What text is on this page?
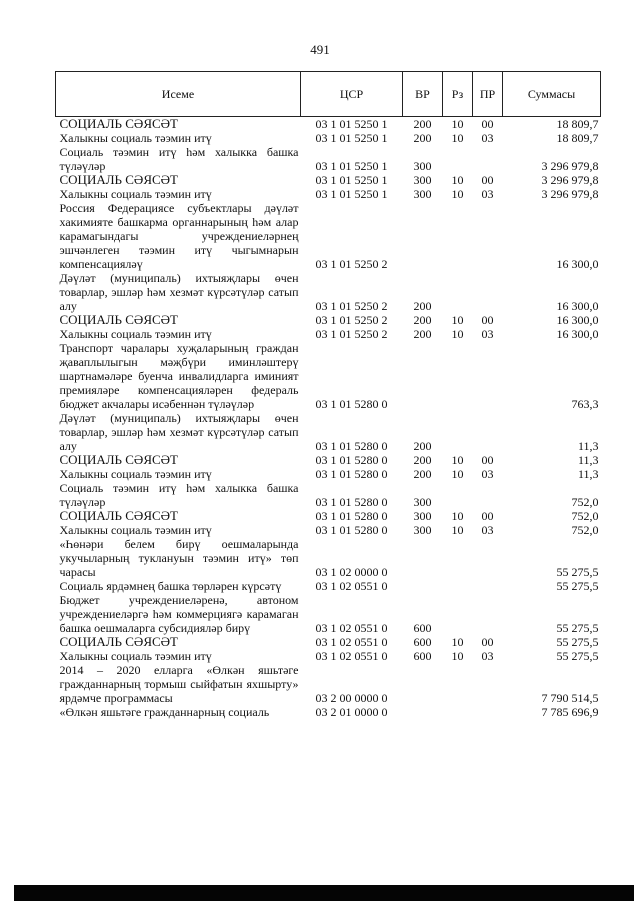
491
Исеме	ЦСР	ВР	Рз	ПР	Суммасы
СОЦИАЛЬ СӘЯСӘТ	03 1 01 5250 1	200	10	00	18 809,7
Халыкны социаль тәэмин итү	03 1 01 5250 1	200	10	03	18 809,7
Социаль тәэмин итү һәм халыкка башка түләүләр	03 1 01 5250 1	300			3 296 979,8
СОЦИАЛЬ СӘЯСӘТ	03 1 01 5250 1	300	10	00	3 296 979,8
Халыкны социаль тәэмин итү	03 1 01 5250 1	300	10	03	3 296 979,8
Россия Федерациясе субъектлары дәүләт хакимияте башкарма органнарының һәм алар карамагындагы учреждениеләрнең эшчәнлеген тәэмин итү чыгымнарын компенсацияләү	03 1 01 5250 2				16 300,0
Дәүләт (муниципаль) ихтыяҗлары өчен товарлар, эшләр һәм хезмәт күрсәтүләр сатып алу	03 1 01 5250 2	200			16 300,0
СОЦИАЛЬ СӘЯСӘТ	03 1 01 5250 2	200	10	00	16 300,0
Халыкны социаль тәэмин итү	03 1 01 5250 2	200	10	03	16 300,0
Транспорт чаралары хуҗаларының граждан җаваплылыгын мәҗбүри иминләштерү шартнамәләре буенча инвалидларга иминият премияләре компенсацияләрен федераль бюджет акчалары исәбеннән түләүләр	03 1 01 5280 0				763,3
Дәүләт (муниципаль) ихтыяҗлары өчен товарлар, эшләр һәм хезмәт күрсәтүләр сатып алу	03 1 01 5280 0	200			11,3
СОЦИАЛЬ СӘЯСӘТ	03 1 01 5280 0	200	10	00	11,3
Халыкны социаль тәэмин итү	03 1 01 5280 0	200	10	03	11,3
Социаль тәэмин итү һәм халыкка башка түләүләр	03 1 01 5280 0	300			752,0
СОЦИАЛЬ СӘЯСӘТ	03 1 01 5280 0	300	10	00	752,0
Халыкны социаль тәэмин итү	03 1 01 5280 0	300	10	03	752,0
«Һөнәри белем бирү оешмаларында укучыларның туклануын тәэмин итү» төп чарасы	03 1 02 0000 0				55 275,5
Социаль ярдәмнең башка төрләрен күрсәтү	03 1 02 0551 0				55 275,5
Бюджет учреждениеләренә, автоном учреждениеләргә һәм коммерциягә карамаган башка оешмаларга субсидияләр бирү	03 1 02 0551 0	600			55 275,5
СОЦИАЛЬ СӘЯСӘТ	03 1 02 0551 0	600	10	00	55 275,5
Халыкны социаль тәэмин итү	03 1 02 0551 0	600	10	03	55 275,5
2014 – 2020 елларга «Өлкән яшьтәге гражданнарның тормыш сыйфатын яхшырту» ярдәмче программасы	03 2 00 0000 0				7 790 514,5
«Өлкән яшьтәге гражданнарның социаль	03 2 01 0000 0				7 785 696,9
